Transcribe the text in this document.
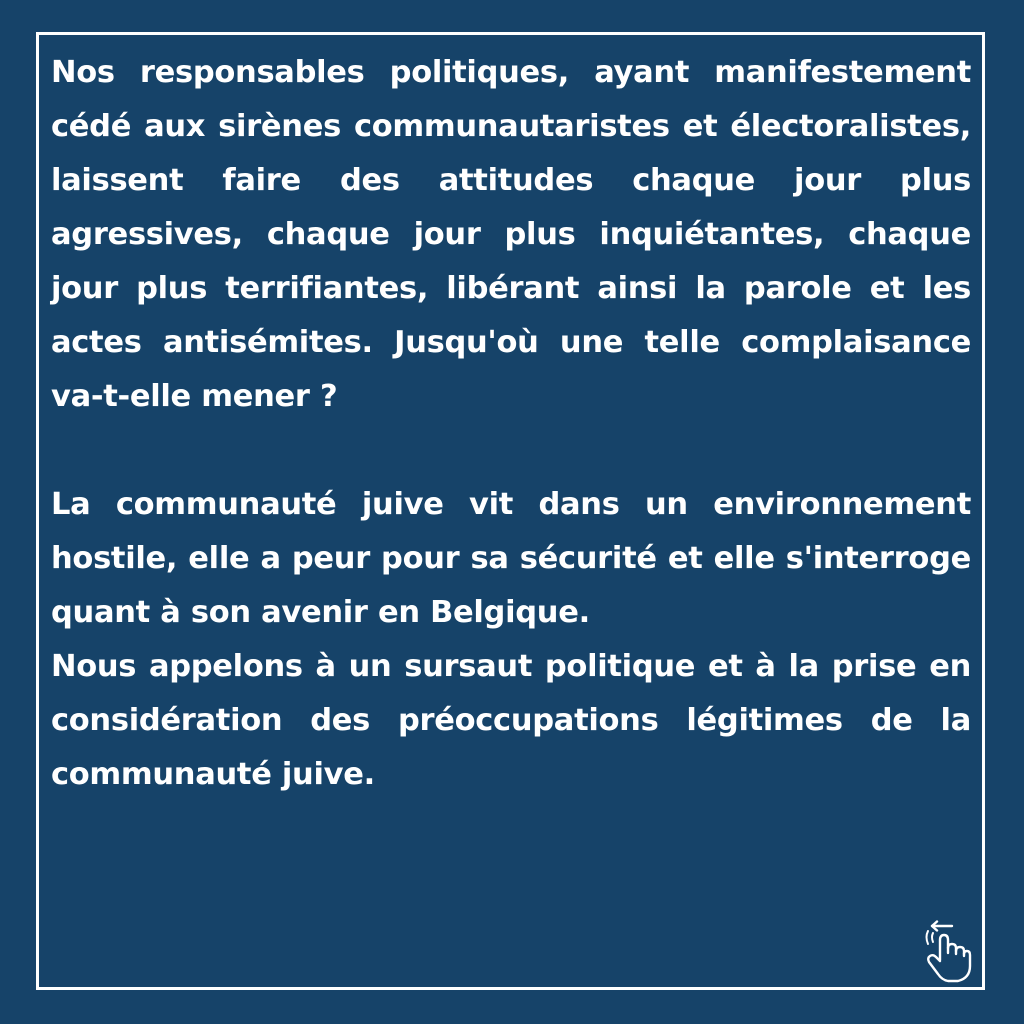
Nos responsables politiques, ayant manifestement cédé aux sirènes communautaristes et électoralistes, laissent faire des attitudes chaque jour plus agressives, chaque jour plus inquiétantes, chaque jour plus terrifiantes, libérant ainsi la parole et les actes antisémites. Jusqu'où une telle complaisance va-t-elle mener ?

La communauté juive vit dans un environnement hostile, elle a peur pour sa sécurité et elle s'interroge quant à son avenir en Belgique.

Nous appelons à un sursaut politique et à la prise en considération des préoccupations légitimes de la communauté juive.
